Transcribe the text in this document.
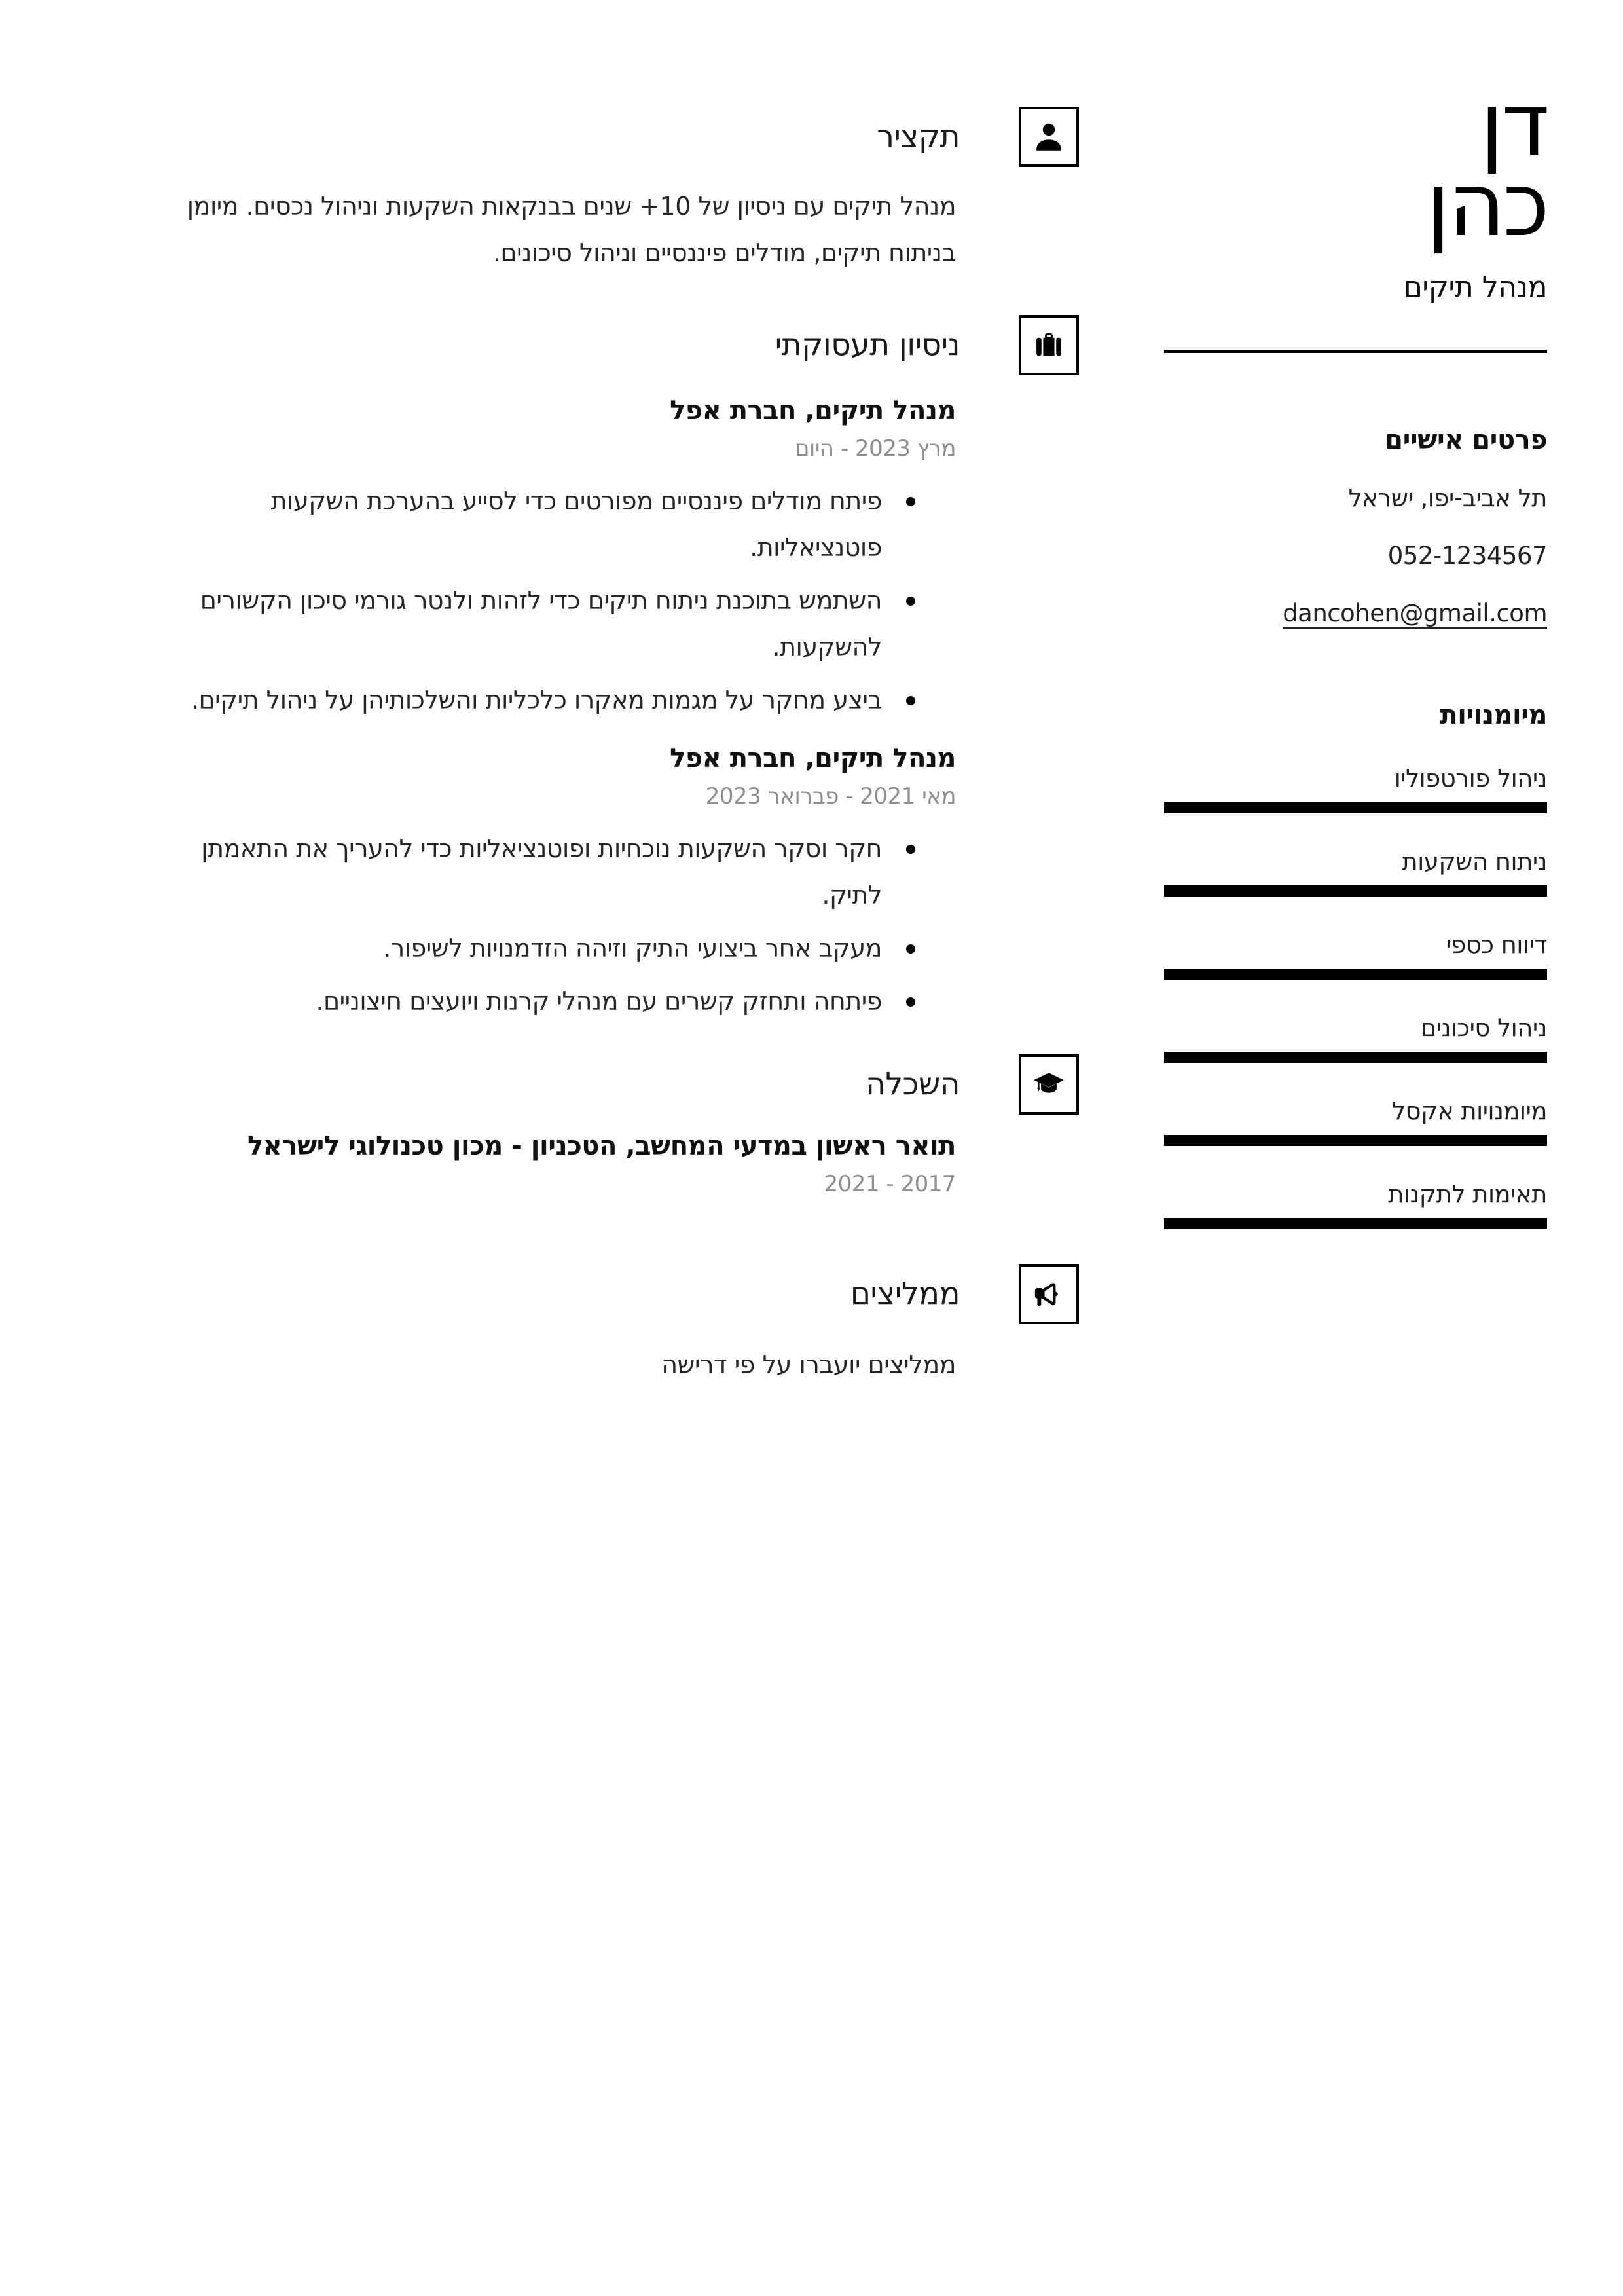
דן
כהן
מנהל תיקים
פרטים אישיים
תל אביב-יפו, ישראל
052-1234567
dancohen@gmail.com
מיומנויות
ניהול פורטפוליו
ניתוח השקעות
דיווח כספי
ניהול סיכונים
מיומנויות אקסל
תאימות לתקנות
תקציר

מנהל תיקים עם ניסיון של 10+ שנים בבנקאות השקעות וניהול נכסים. מיומן בניתוח תיקים, מודלים פיננסיים וניהול סיכונים.

ניסיון תעסוקתי
מנהל תיקים, חברת אפל
מרץ 2023 - היום
פיתח מודלים פיננסיים מפורטים כדי לסייע בהערכת השקעות פוטנציאליות.
השתמש בתוכנת ניתוח תיקים כדי לזהות ולנטר גורמי סיכון הקשורים להשקעות.
ביצע מחקר על מגמות מאקרו כלכליות והשלכותיהן על ניהול תיקים.
מנהל תיקים, חברת אפל
מאי 2021 - פברואר 2023
חקר וסקר השקעות נוכחיות ופוטנציאליות כדי להעריך את התאמתן לתיק.
מעקב אחר ביצועי התיק וזיהה הזדמנויות לשיפור.
פיתחה ותחזק קשרים עם מנהלי קרנות ויועצים חיצוניים.
השכלה
תואר ראשון במדעי המחשב, הטכניון - מכון טכנולוגי לישראל
2017 - 2021
ממליצים
ממליצים יועברו על פי דרישה
